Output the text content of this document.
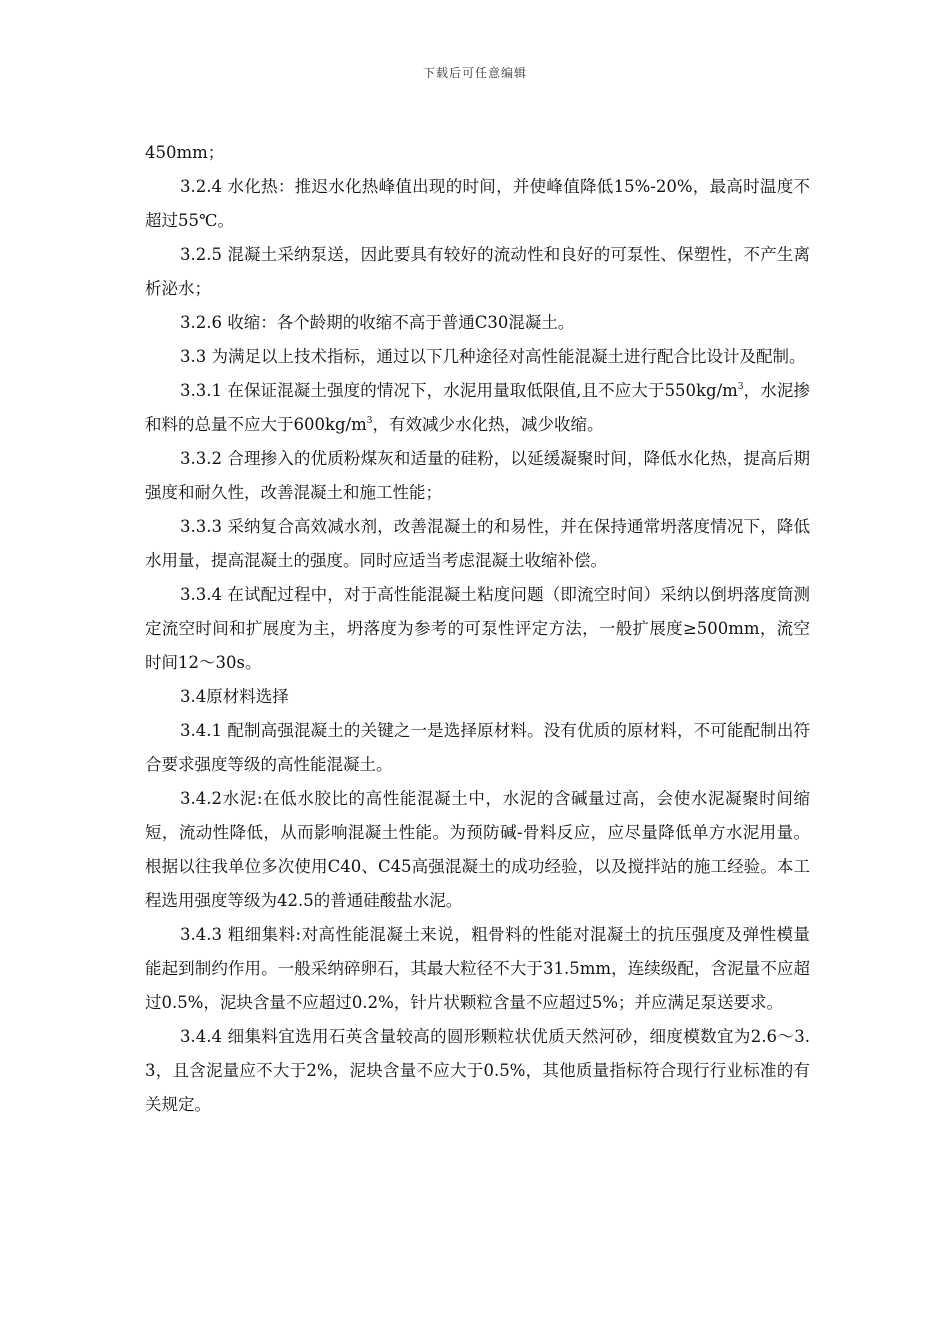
下载后可任意编辑

450mm；

3.2.4 水化热：推迟水化热峰值出现的时间，并使峰值降低15%-20%，最高时温度不超过55℃。

3.2.5 混凝土采纳泵送，因此要具有较好的流动性和良好的可泵性、保塑性，不产生离析泌水；

3.2.6 收缩：各个龄期的收缩不高于普通C30混凝土。

3.3 为满足以上技术指标，通过以下几种途径对高性能混凝土进行配合比设计及配制。

3.3.1 在保证混凝土强度的情况下，水泥用量取低限值,且不应大于$550kg/m^3$，水泥掺和料的总量不应大于$600kg/m^3$，有效减少水化热，减少收缩。

3.3.2 合理掺入的优质粉煤灰和适量的硅粉，以延缓凝聚时间，降低水化热，提高后期强度和耐久性，改善混凝土和施工性能；

3.3.3 采纳复合高效减水剂，改善混凝土的和易性，并在保持通常坍落度情况下，降低水用量，提高混凝土的强度。同时应适当考虑混凝土收缩补偿。

3.3.4 在试配过程中，对于高性能混凝土粘度问题（即流空时间）采纳以倒坍落度筒测定流空时间和扩展度为主，坍落度为参考的可泵性评定方法，一般扩展度≥500mm，流空时间12～30s。

3.4原材料选择

3.4.1 配制高强混凝土的关键之一是选择原材料。没有优质的原材料，不可能配制出符合要求强度等级的高性能混凝土。

3.4.2水泥:在低水胶比的高性能混凝土中，水泥的含碱量过高，会使水泥凝聚时间缩短，流动性降低，从而影响混凝土性能。为预防碱-骨料反应，应尽量降低单方水泥用量。根据以往我单位多次使用C40、C45高强混凝土的成功经验，以及搅拌站的施工经验。本工程选用强度等级为42.5的普通硅酸盐水泥。

3.4.3 粗细集料:对高性能混凝土来说，粗骨料的性能对混凝土的抗压强度及弹性模量能起到制约作用。一般采纳碎卵石，其最大粒径不大于31.5mm，连续级配，含泥量不应超过0.5%，泥块含量不应超过0.2%，针片状颗粒含量不应超过5%；并应满足泵送要求。

3.4.4 细集料宜选用石英含量较高的圆形颗粒状优质天然河砂，细度模数宜为2.6～3.3，且含泥量应不大于2%，泥块含量不应大于0.5%，其他质量指标符合现行行业标准的有关规定。
